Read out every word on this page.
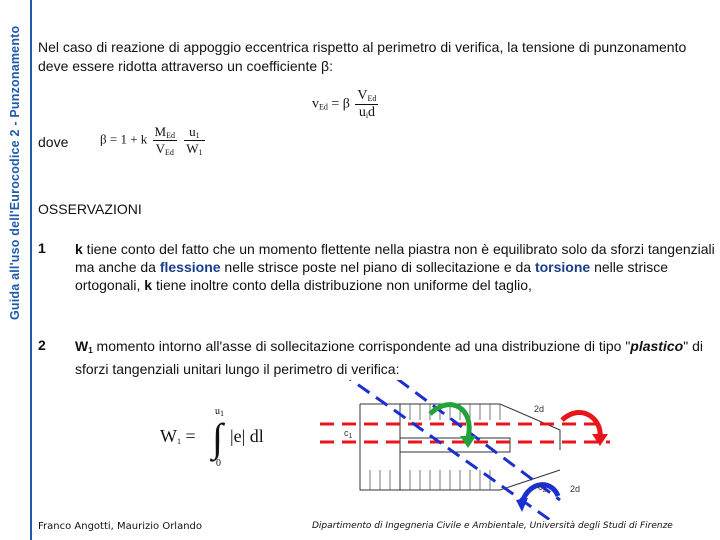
Guida all'uso dell'Eurocodice 2 - Punzonamento	Nel caso di reazione di appoggio eccentrica rispetto al perimetro di verifica, la tensione di punzonamento deve essere ridotta attraverso un coefficiente β:
$v_{Ed} = \beta \frac{V_{Ed}}{u_id}$
dove β = 1 + k $\frac{M_{Ed}}{V_{Ed}}$
$\frac{u_1}{W_1}$
OSSERVAZIONI
1 k tiene conto del fatto che un momento flettente nella piastra non è equilibrato solo da sforzi tangenziali ma anche da flessione nelle strisce poste nel piano di sollecitazione e da torsione nelle strisce ortogonali, k tiene inoltre conto della distribuzione non uniforme del taglio,
2 $W_1$ momento intorno all'asse di sollecitazione corrispondente ad una distribuzione di tipo "plastico" di sforzi tangenziali unitari lungo il perimetro di verifica:
$W_1$ =
$u_1$
∫
0
|e| dl	$c_1$
$c_2$
2d
2d
Franco Angotti, Maurizio Orlando	Dipartimento di Ingegneria Civile e Ambientale, Università degli Studi di Firenze
